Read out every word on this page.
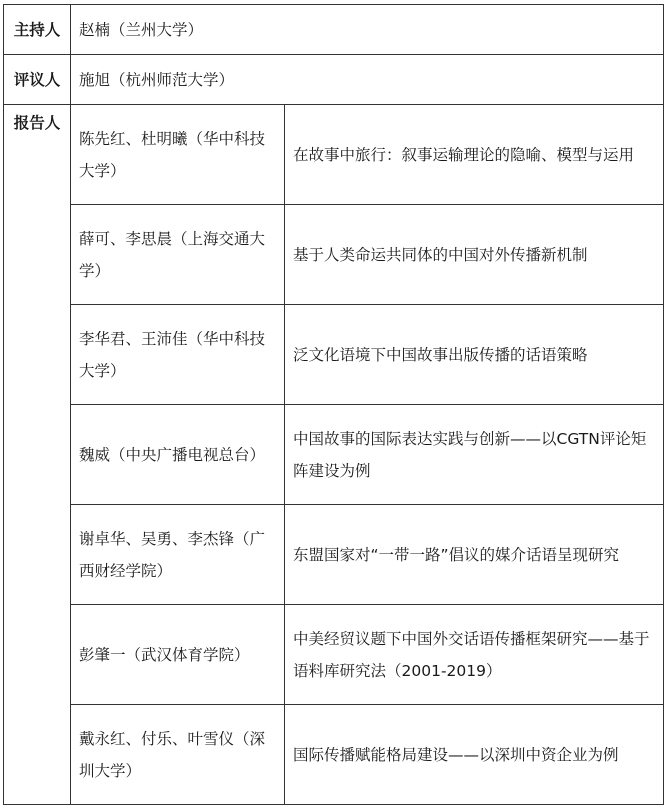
主持人	赵楠（兰州大学）	
评议人	施旭（杭州师范大学）	
报告人	陈先红、杜明曦（华中科技大学）	在故事中旅行：叙事运输理论的隐喻、模型与运用
	薛可、李思晨（上海交通大学）	基于人类命运共同体的中国对外传播新机制
	李华君、王沛佳（华中科技大学）	泛文化语境下中国故事出版传播的话语策略
	魏威（中央广播电视总台）	中国故事的国际表达实践与创新——以CGTN评论矩阵建设为例
	谢卓华、吴勇、李杰锋（广西财经学院）	东盟国家对“一带一路”倡议的媒介话语呈现研究
	彭肇一（武汉体育学院）	中美经贸议题下中国外交话语传播框架研究——基于语料库研究法（2001-2019）
	戴永红、付乐、叶雪仪（深圳大学）	国际传播赋能格局建设——以深圳中资企业为例
